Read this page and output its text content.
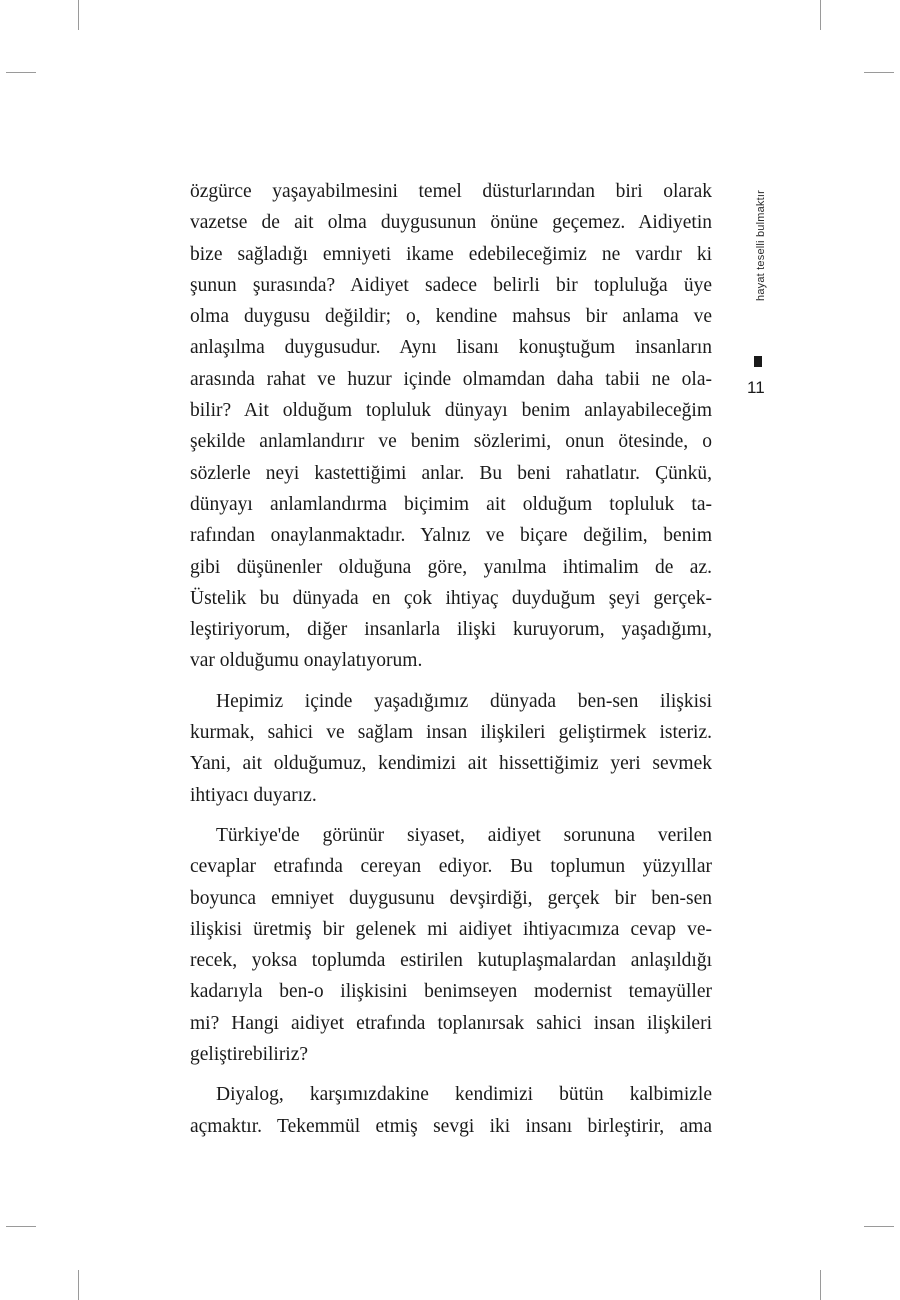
hayat teselli bulmaktır
11
özgürce yaşayabilmesini temel düsturlarından biri olarak
vazetse de ait olma duygusunun önüne geçemez. Aidiyetin
bize sağladığı emniyeti ikame edebileceğimiz ne vardır ki
şunun şurasında? Aidiyet sadece belirli bir topluluğa üye
olma duygusu değildir; o, kendine mahsus bir anlama ve
anlaşılma duygusudur. Aynı lisanı konuştuğum insanların
arasında rahat ve huzur içinde olmamdan daha tabii ne ola-
bilir? Ait olduğum topluluk dünyayı benim anlayabileceğim
şekilde anlamlandırır ve benim sözlerimi, onun ötesinde, o
sözlerle neyi kastettiğimi anlar. Bu beni rahatlatır. Çünkü,
dünyayı anlamlandırma biçimim ait olduğum topluluk ta-
rafından onaylanmaktadır. Yalnız ve biçare değilim, benim
gibi düşünenler olduğuna göre, yanılma ihtimalim de az.
Üstelik bu dünyada en çok ihtiyaç duyduğum şeyi gerçek-
leştiriyorum, diğer insanlarla ilişki kuruyorum, yaşadığımı,
var olduğumu onaylatıyorum.
Hepimiz içinde yaşadığımız dünyada ben-sen ilişkisi
kurmak, sahici ve sağlam insan ilişkileri geliştirmek isteriz.
Yani, ait olduğumuz, kendimizi ait hissettiğimiz yeri sevmek
ihtiyacı duyarız.
Türkiye'de görünür siyaset, aidiyet sorununa verilen
cevaplar etrafında cereyan ediyor. Bu toplumun yüzyıllar
boyunca emniyet duygusunu devşirdiği, gerçek bir ben-sen
ilişkisi üretmiş bir gelenek mi aidiyet ihtiyacımıza cevap ve-
recek, yoksa toplumda estirilen kutuplaşmalardan anlaşıldığı
kadarıyla ben-o ilişkisini benimseyen modernist temayüller
mi? Hangi aidiyet etrafında toplanırsak sahici insan ilişkileri
geliştirebiliriz?
Diyalog, karşımızdakine kendimizi bütün kalbimizle
açmaktır. Tekemmül etmiş sevgi iki insanı birleştirir, ama
